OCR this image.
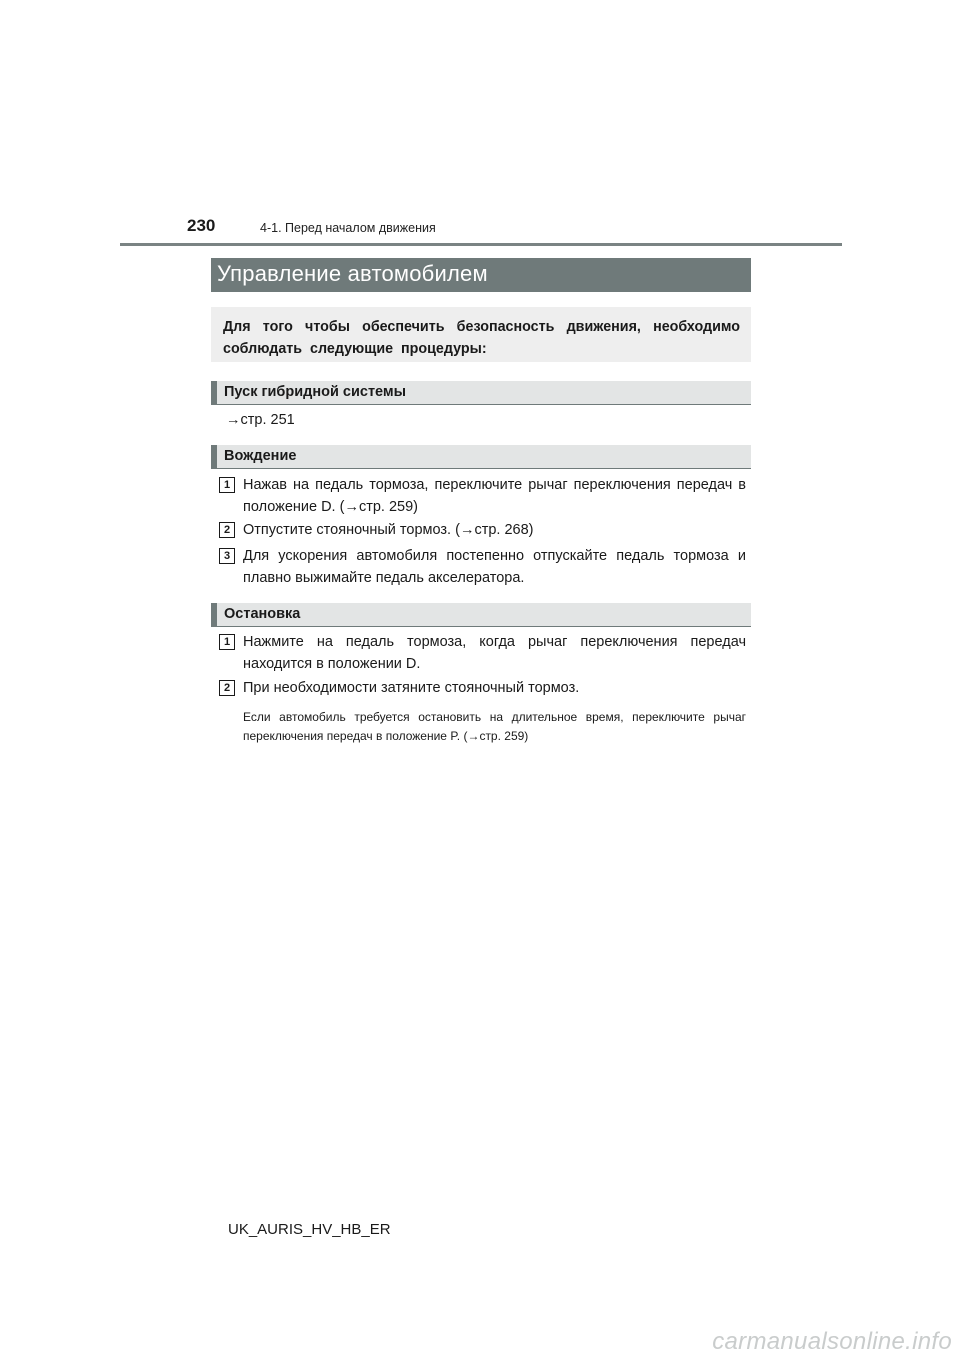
230	4-1. Перед началом движения
Управление автомобилем

Для того чтобы обеспечить безопасность движения, необходимо соблюдать следующие процедуры:

Пуск гибридной системы
→стр. 251
Вождение
1 Нажав на педаль тормоза, переключите рычаг переключения передач в положение D. (→стр. 259)
2 Отпустите стояночный тормоз. (→стр. 268)
3 Для ускорения автомобиля постепенно отпускайте педаль тормоза и плавно выжимайте педаль акселератора.
Остановка
1 Нажмите на педаль тормоза, когда рычаг переключения передач находится в положении D.
2 При необходимости затяните стояночный тормоз.
Если автомобиль требуется остановить на длительное время, переключите рычаг переключения передач в положение P. (→стр. 259)
UK_AURIS_HV_HB_ER
carmanualsonline.info
